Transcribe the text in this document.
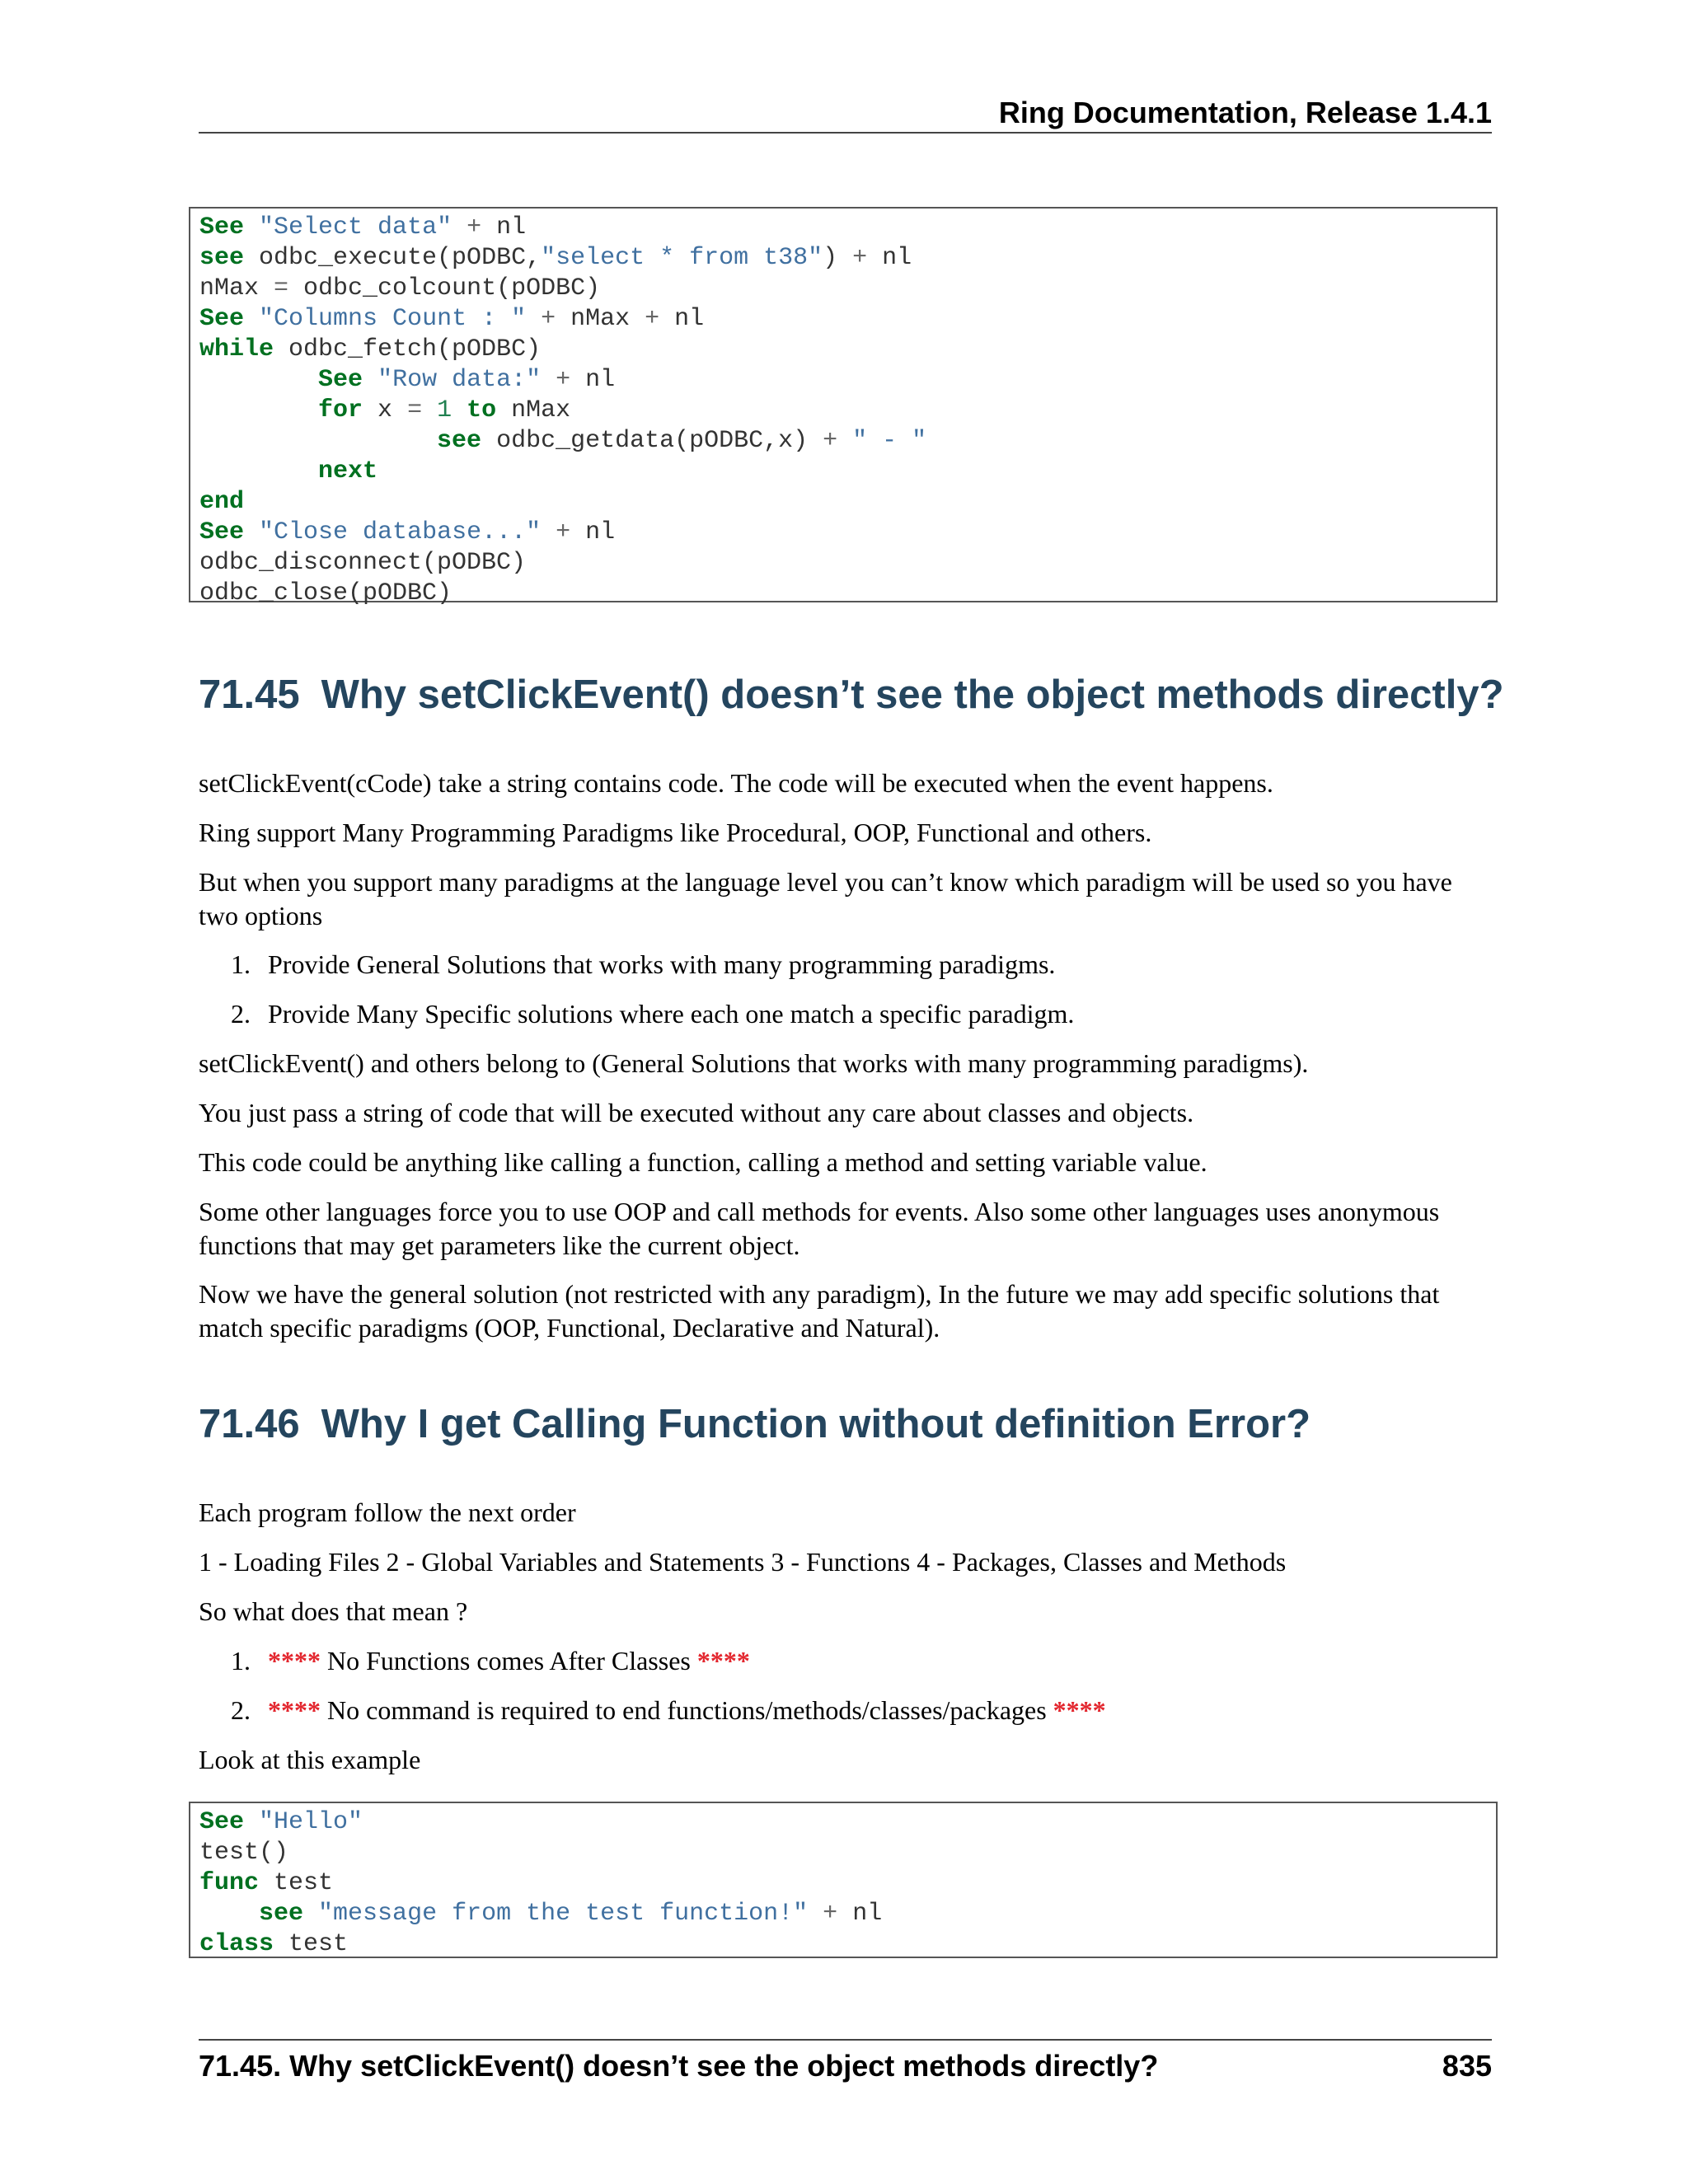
Ring Documentation, Release 1.4.1
See "Select data" + nl
see odbc_execute(pODBC,"select * from t38") + nl
nMax = odbc_colcount(pODBC)
See "Columns Count : " + nMax + nl
while odbc_fetch(pODBC)
See "Row data:" + nl
for x = 1 to nMax
see odbc_getdata(pODBC,x) + " - "
next
end
See "Close database..." + nl
odbc_disconnect(pODBC)
odbc_close(pODBC)
71.45 Why setClickEvent() doesn’t see the object methods directly?

setClickEvent(cCode) take a string contains code. The code will be executed when the event happens.

Ring support Many Programming Paradigms like Procedural, OOP, Functional and others.

But when you support many paradigms at the language level you can’t know which paradigm will be used so you have two options

1. Provide General Solutions that works with many programming paradigms.

2. Provide Many Specific solutions where each one match a specific paradigm.

setClickEvent() and others belong to (General Solutions that works with many programming paradigms).

You just pass a string of code that will be executed without any care about classes and objects.

This code could be anything like calling a function, calling a method and setting variable value.

Some other languages force you to use OOP and call methods for events. Also some other languages uses anonymous functions that may get parameters like the current object.

Now we have the general solution (not restricted with any paradigm), In the future we may add specific solutions that match specific paradigms (OOP, Functional, Declarative and Natural).

71.46 Why I get Calling Function without definition Error?

Each program follow the next order

1 - Loading Files 2 - Global Variables and Statements 3 - Functions 4 - Packages, Classes and Methods

So what does that mean ?

1. **** No Functions comes After Classes ****

2. **** No command is required to end functions/methods/classes/packages ****

Look at this example

See "Hello"
test()
func test
see "message from the test function!" + nl
class test
71.45. Why setClickEvent() doesn’t see the object methods directly?	835
